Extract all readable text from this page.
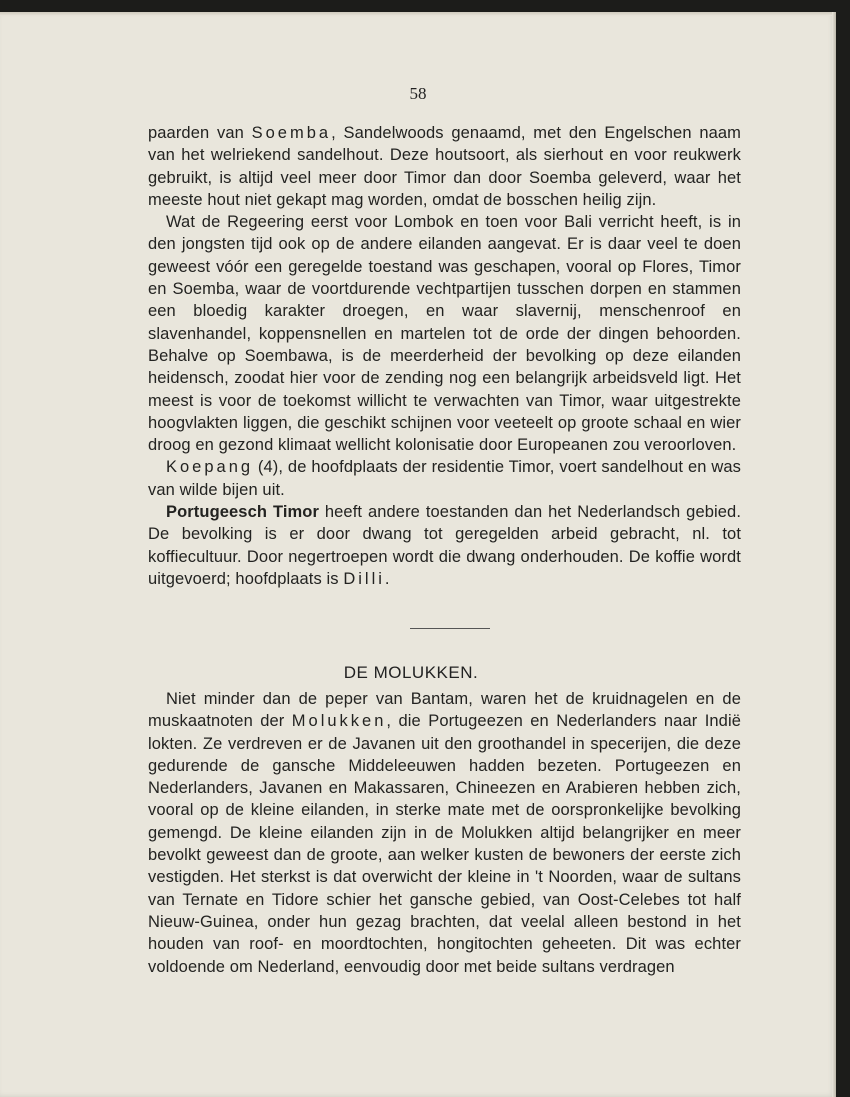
58

paarden van Soemba, Sandelwoods genaamd, met den Engelschen naam van het welriekend sandelhout. Deze houtsoort, als sierhout en voor reukwerk gebruikt, is altijd veel meer door Timor dan door Soemba geleverd, waar het meeste hout niet gekapt mag worden, omdat de bosschen heilig zijn.

Wat de Regeering eerst voor Lombok en toen voor Bali verricht heeft, is in den jongsten tijd ook op de andere eilanden aangevat. Er is daar veel te doen geweest vóór een geregelde toestand was geschapen, vooral op Flores, Timor en Soemba, waar de voortdurende vechtpartijen tusschen dorpen en stammen een bloedig karakter droegen, en waar slavernij, menschenroof en slavenhandel, koppensnellen en martelen tot de orde der dingen behoorden. Behalve op Soembawa, is de meerderheid der bevolking op deze eilanden heidensch, zoodat hier voor de zending nog een belangrijk arbeidsveld ligt. Het meest is voor de toekomst willicht te verwachten van Timor, waar uitgestrekte hoogvlakten liggen, die geschikt schijnen voor veeteelt op groote schaal en wier droog en gezond klimaat wellicht kolonisatie door Europeanen zou veroorloven.

Koepang (4), de hoofdplaats der residentie Timor, voert sandelhout en was van wilde bijen uit.

Portugeesch Timor heeft andere toestanden dan het Nederlandsch gebied. De bevolking is er door dwang tot geregelden arbeid gebracht, nl. tot koffiecultuur. Door negertroepen wordt die dwang onderhouden. De koffie wordt uitgevoerd; hoofdplaats is Dilli.

DE MOLUKKEN.

Niet minder dan de peper van Bantam, waren het de kruidnagelen en de muskaatnoten der Molukken, die Portugeezen en Nederlanders naar Indië lokten. Ze verdreven er de Javanen uit den groothandel in specerijen, die deze gedurende de gansche Middeleeuwen hadden bezeten. Portugeezen en Nederlanders, Javanen en Makassaren, Chineezen en Arabieren hebben zich, vooral op de kleine eilanden, in sterke mate met de oorspronkelijke bevolking gemengd. De kleine eilanden zijn in de Molukken altijd belangrijker en meer bevolkt geweest dan de groote, aan welker kusten de bewoners der eerste zich vestigden. Het sterkst is dat overwicht der kleine in 't Noorden, waar de sultans van Ternate en Tidore schier het gansche gebied, van Oost-Celebes tot half Nieuw-Guinea, onder hun gezag brachten, dat veelal alleen bestond in het houden van roof- en moordtochten, hongitochten geheeten. Dit was echter voldoende om Nederland, eenvoudig door met beide sultans verdragen
